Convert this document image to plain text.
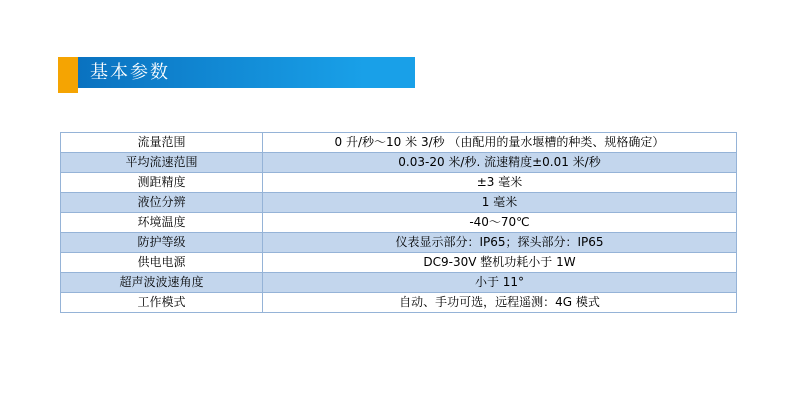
基本参数
流量范围	0 升/秒～10 米 3/秒 （由配用的量水堰槽的种类、规格确定）
平均流速范围	0.03-20 米/秒. 流速精度±0.01 米/秒
测距精度	±3 毫米
液位分辨	1 毫米
环境温度	-40～70℃
防护等级	仪表显示部分：IP65；探头部分：IP65
供电电源	DC9-30V 整机功耗小于 1W
超声波波速角度	小于 11°
工作模式	自动、手功可选，远程遥测：4G 模式
